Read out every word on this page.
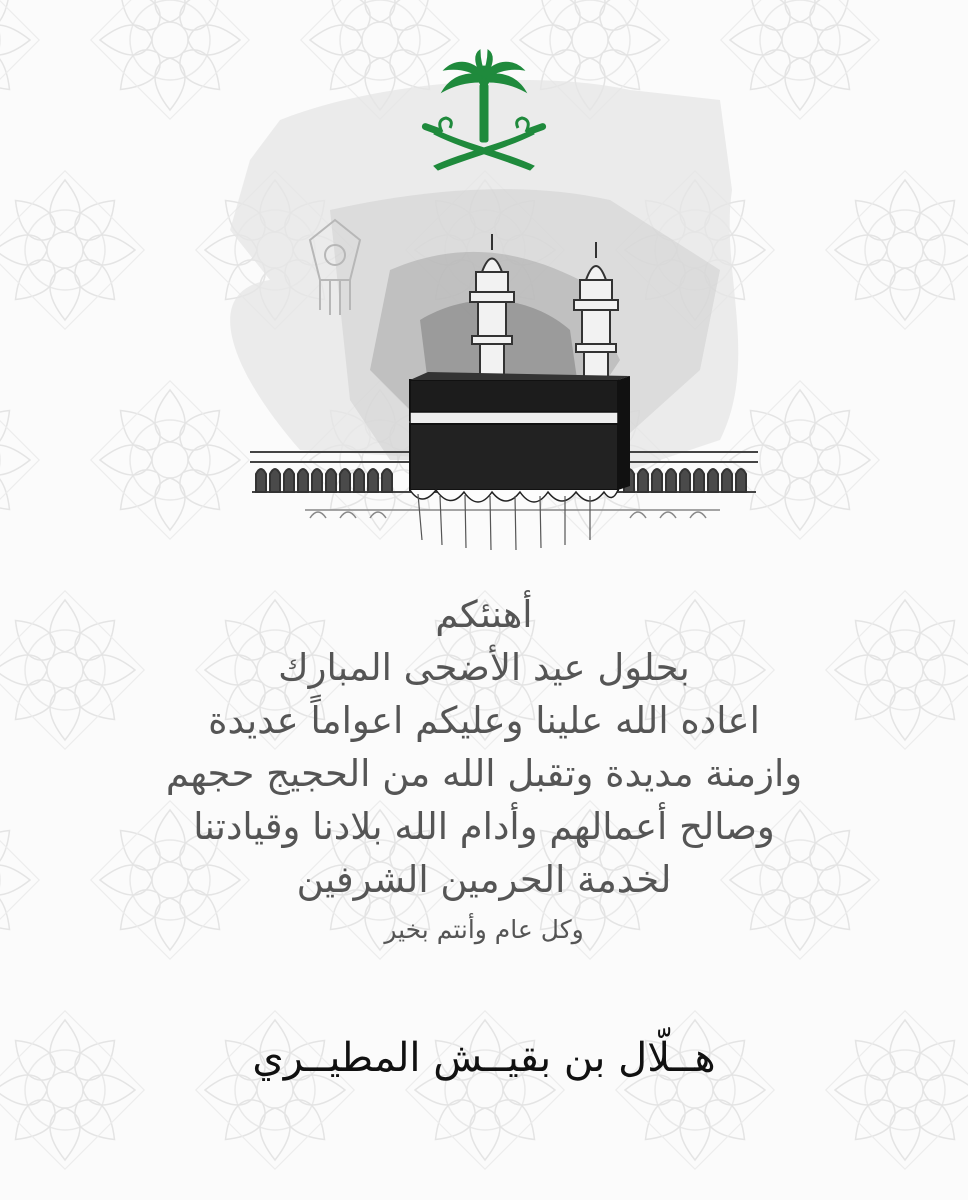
أهنئكم
بحلول عيد الأضحى المبارك
اعاده الله علينا وعليكم اعواماً عديدة
وازمنة مديدة وتقبل الله من الحجيج حجهم
وصالح أعمالهم وأدام الله بلادنا وقيادتنا
لخدمة الحرمين الشرفين
وكل عام وأنتم بخير
هــلّال بن بقيــش المطيــري
